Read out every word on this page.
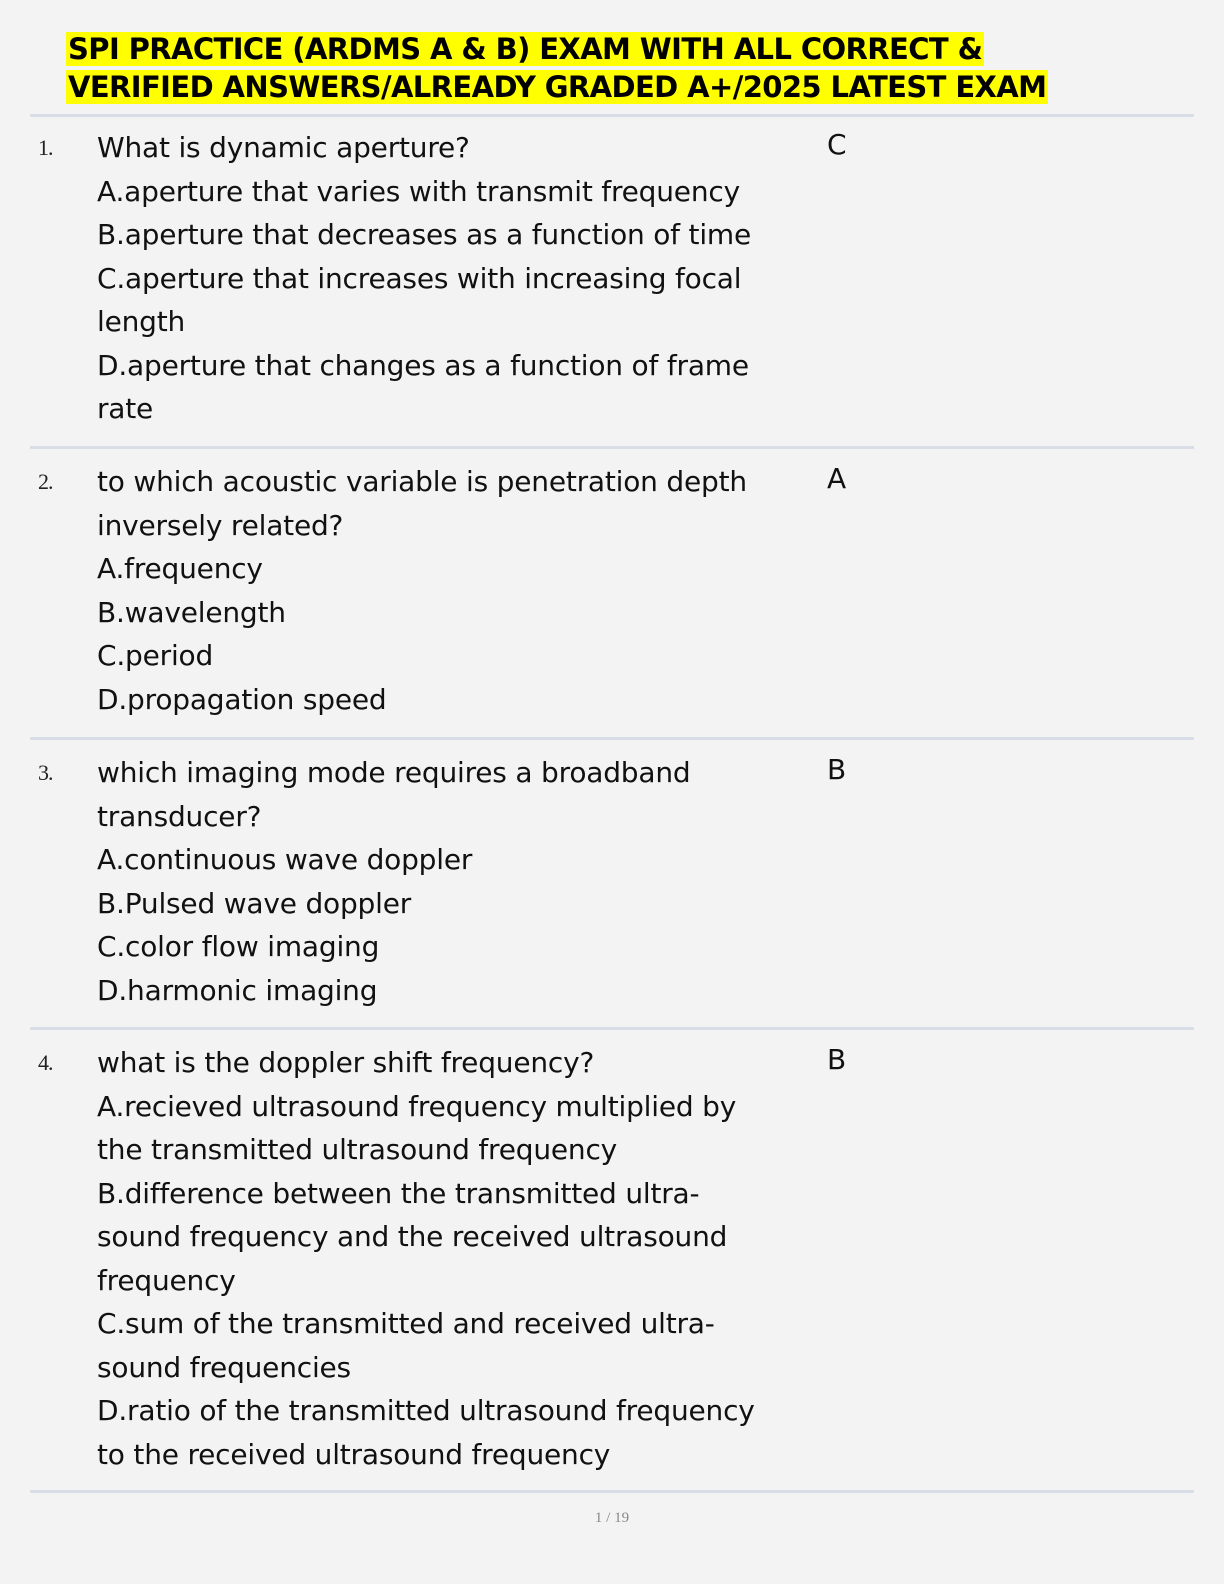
SPI PRACTICE (ARDMS A & B) EXAM WITH ALL CORRECT &
VERIFIED ANSWERS/ALREADY GRADED A+/2025 LATEST EXAM
1. What is dynamic aperture?
A.aperture that varies with transmit frequency
B.aperture that decreases as a function of time
C.aperture that increases with increasing focal
length
D.aperture that changes as a function of frame
rate
C
2. to which acoustic variable is penetration depth
inversely related?
A.frequency
B.wavelength
C.period
D.propagation speed
A
3. which imaging mode requires a broadband
transducer?
A.continuous wave doppler
B.Pulsed wave doppler
C.color flow imaging
D.harmonic imaging
B
4. what is the doppler shift frequency?
A.recieved ultrasound frequency multiplied by
the transmitted ultrasound frequency
B.difference between the transmitted ultra-
sound frequency and the received ultrasound
frequency
C.sum of the transmitted and received ultra-
sound frequencies
D.ratio of the transmitted ultrasound frequency
to the received ultrasound frequency
B
1 / 19
